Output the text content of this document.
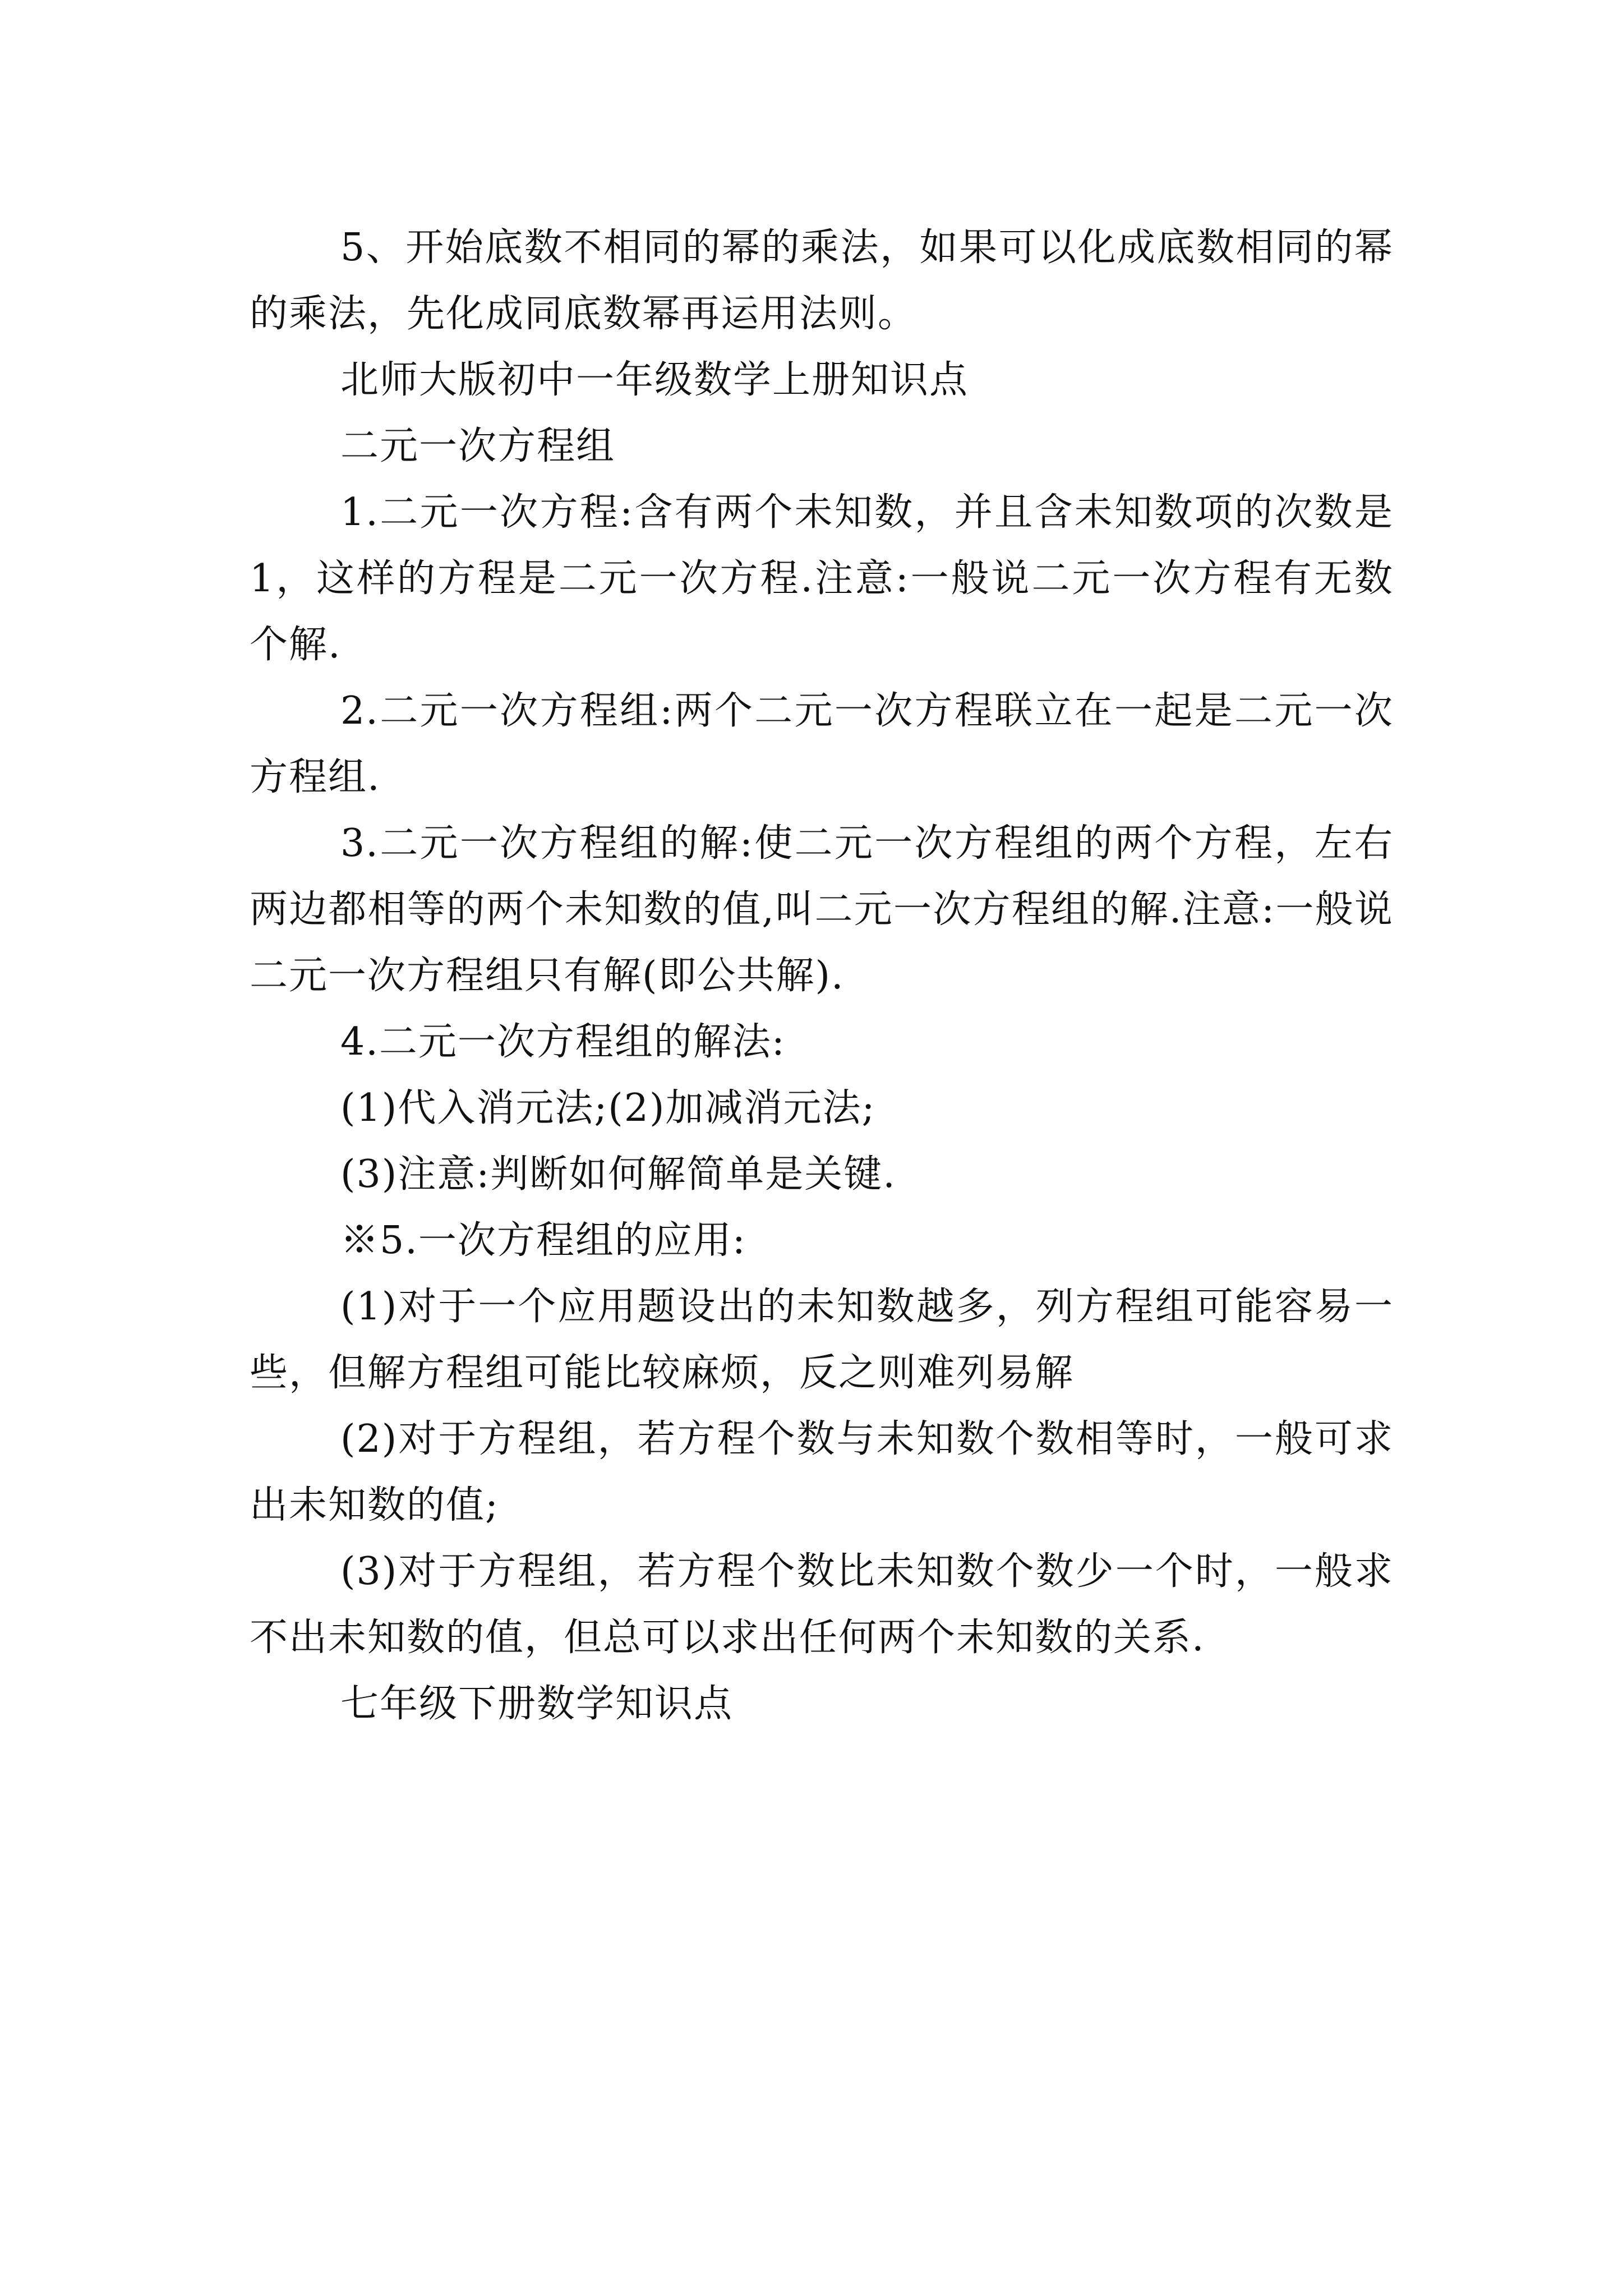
5、开始底数不相同的幂的乘法，如果可以化成底数相同的幂的乘法，先化成同底数幂再运用法则。

北师大版初中一年级数学上册知识点

二元一次方程组

1.二元一次方程:含有两个未知数，并且含未知数项的次数是1，这样的方程是二元一次方程.注意:一般说二元一次方程有无数个解.

2.二元一次方程组:两个二元一次方程联立在一起是二元一次方程组.

3.二元一次方程组的解:使二元一次方程组的两个方程，左右两边都相等的两个未知数的值,叫二元一次方程组的解.注意:一般说二元一次方程组只有解(即公共解).

4.二元一次方程组的解法:

(1)代入消元法;(2)加减消元法;

(3)注意:判断如何解简单是关键.

※5.一次方程组的应用:

(1)对于一个应用题设出的未知数越多，列方程组可能容易一些，但解方程组可能比较麻烦，反之则难列易解

(2)对于方程组，若方程个数与未知数个数相等时，一般可求出未知数的值;

(3)对于方程组，若方程个数比未知数个数少一个时，一般求不出未知数的值，但总可以求出任何两个未知数的关系.

七年级下册数学知识点
